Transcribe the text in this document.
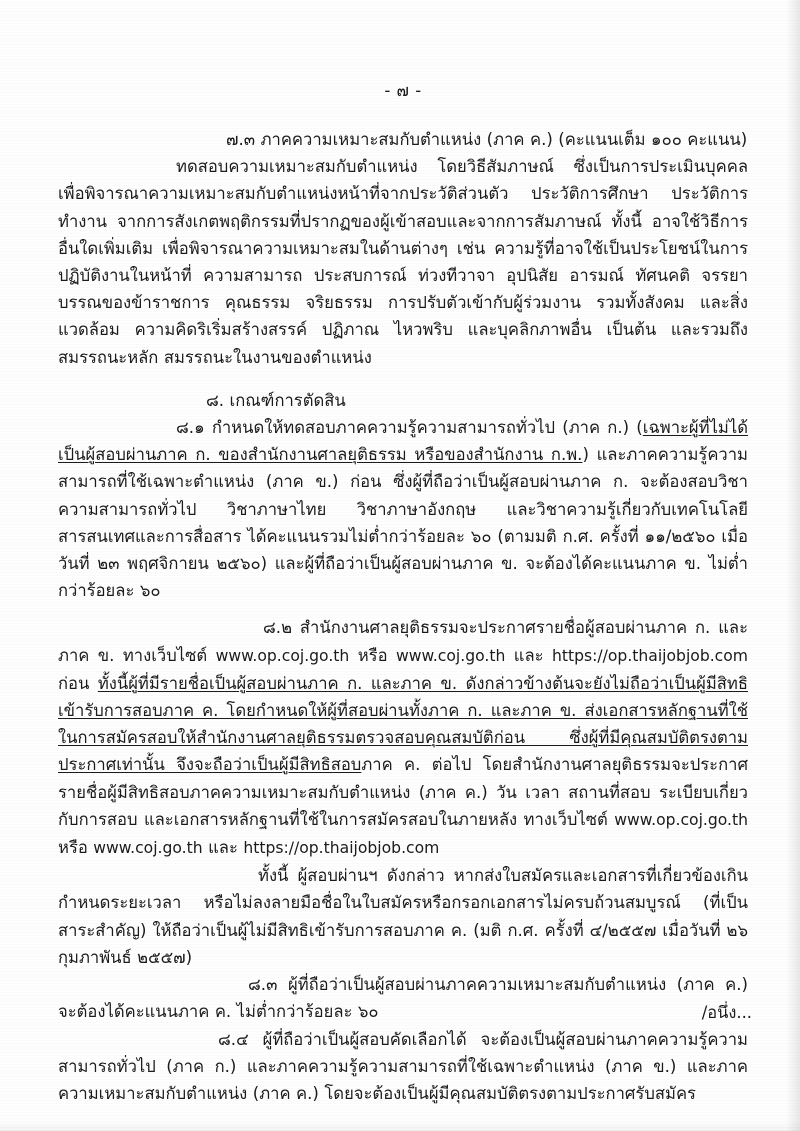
- ๗ -
๗.๓ ภาคความเหมาะสมกับตำแหน่ง (ภาค ค.) (คะแนนเต็ม ๑๐๐ คะแนน)
ทดสอบความเหมาะสมกับตำแหน่ง โดยวิธีสัมภาษณ์ ซึ่งเป็นการประเมินบุคคล เพื่อพิจารณาความเหมาะสมกับตำแหน่งหน้าที่จากประวัติส่วนตัว ประวัติการศึกษา ประวัติการทำงาน จากการสังเกตพฤติกรรมที่ปรากฏของผู้เข้าสอบและจากการสัมภาษณ์ ทั้งนี้ อาจใช้วิธีการอื่นใดเพิ่มเติม เพื่อพิจารณาความเหมาะสมในด้านต่างๆ เช่น ความรู้ที่อาจใช้เป็นประโยชน์ในการปฏิบัติงานในหน้าที่ ความสามารถ ประสบการณ์ ท่วงทีวาจา อุปนิสัย อารมณ์ ทัศนคติ จรรยาบรรณของข้าราชการ คุณธรรม จริยธรรม การปรับตัวเข้ากับผู้ร่วมงาน รวมทั้งสังคม และสิ่งแวดล้อม ความคิดริเริ่มสร้างสรรค์ ปฏิภาณ ไหวพริบ และบุคลิกภาพอื่น เป็นต้น และรวมถึงสมรรถนะหลัก สมรรถนะในงานของตำแหน่ง
๘. เกณฑ์การตัดสิน
๘.๑ กำหนดให้ทดสอบภาคความรู้ความสามารถทั่วไป (ภาค ก.) (เฉพาะผู้ที่ไม่ได้เป็นผู้สอบผ่านภาค ก. ของสำนักงานศาลยุติธรรม หรือของสำนักงาน ก.พ.) และภาคความรู้ความสามารถที่ใช้เฉพาะตำแหน่ง (ภาค ข.) ก่อน ซึ่งผู้ที่ถือว่าเป็นผู้สอบผ่านภาค ก. จะต้องสอบวิชาความสามารถทั่วไป วิชาภาษาไทย วิชาภาษาอังกฤษ และวิชาความรู้เกี่ยวกับเทคโนโลยีสารสนเทศและการสื่อสาร ได้คะแนนรวมไม่ต่ำกว่าร้อยละ ๖๐ (ตามมติ ก.ศ. ครั้งที่ ๑๑/๒๕๖๐ เมื่อวันที่ ๒๓ พฤศจิกายน ๒๕๖๐) และผู้ที่ถือว่าเป็นผู้สอบผ่านภาค ข. จะต้องได้คะแนนภาค ข. ไม่ต่ำกว่าร้อยละ ๖๐
๘.๒ สำนักงานศาลยุติธรรมจะประกาศรายชื่อผู้สอบผ่านภาค ก. และภาค ข. ทางเว็บไซต์ www.op.coj.go.th หรือ www.coj.go.th และ https://op.thaijobjob.com ก่อน ทั้งนี้ผู้ที่มีรายชื่อเป็นผู้สอบผ่านภาค ก. และภาค ข. ดังกล่าวข้างต้นจะยังไม่ถือว่าเป็นผู้มีสิทธิเข้ารับการสอบภาค ค. โดยกำหนดให้ผู้ที่สอบผ่านทั้งภาค ก. และภาค ข. ส่งเอกสารหลักฐานที่ใช้ในการสมัครสอบให้สำนักงานศาลยุติธรรมตรวจสอบคุณสมบัติก่อน ซึ่งผู้ที่มีคุณสมบัติตรงตามประกาศเท่านั้น จึงจะถือว่าเป็นผู้มีสิทธิสอบภาค ค. ต่อไป โดยสำนักงานศาลยุติธรรมจะประกาศรายชื่อผู้มีสิทธิสอบภาคความเหมาะสมกับตำแหน่ง (ภาค ค.) วัน เวลา สถานที่สอบ ระเบียบเกี่ยวกับการสอบ และเอกสารหลักฐานที่ใช้ในการสมัครสอบในภายหลัง ทางเว็บไซต์ www.op.coj.go.th หรือ www.coj.go.th และ https://op.thaijobjob.com
ทั้งนี้ ผู้สอบผ่านฯ ดังกล่าว หากส่งใบสมัครและเอกสารที่เกี่ยวข้องเกินกำหนดระยะเวลา หรือไม่ลงลายมือชื่อในใบสมัครหรือกรอกเอกสารไม่ครบถ้วนสมบูรณ์ (ที่เป็นสาระสำคัญ) ให้ถือว่าเป็นผู้ไม่มีสิทธิเข้ารับการสอบภาค ค. (มติ ก.ศ. ครั้งที่ ๔/๒๕๕๗ เมื่อวันที่ ๒๖ กุมภาพันธ์ ๒๕๕๗)
๘.๓ ผู้ที่ถือว่าเป็นผู้สอบผ่านภาคความเหมาะสมกับตำแหน่ง (ภาค ค.) จะต้องได้คะแนนภาค ค. ไม่ต่ำกว่าร้อยละ ๖๐
๘.๔ ผู้ที่ถือว่าเป็นผู้สอบคัดเลือกได้ จะต้องเป็นผู้สอบผ่านภาคความรู้ความสามารถทั่วไป (ภาค ก.) และภาคความรู้ความสามารถที่ใช้เฉพาะตำแหน่ง (ภาค ข.) และภาคความเหมาะสมกับตำแหน่ง (ภาค ค.) โดยจะต้องเป็นผู้มีคุณสมบัติตรงตามประกาศรับสมัคร
/อนึ่ง...
